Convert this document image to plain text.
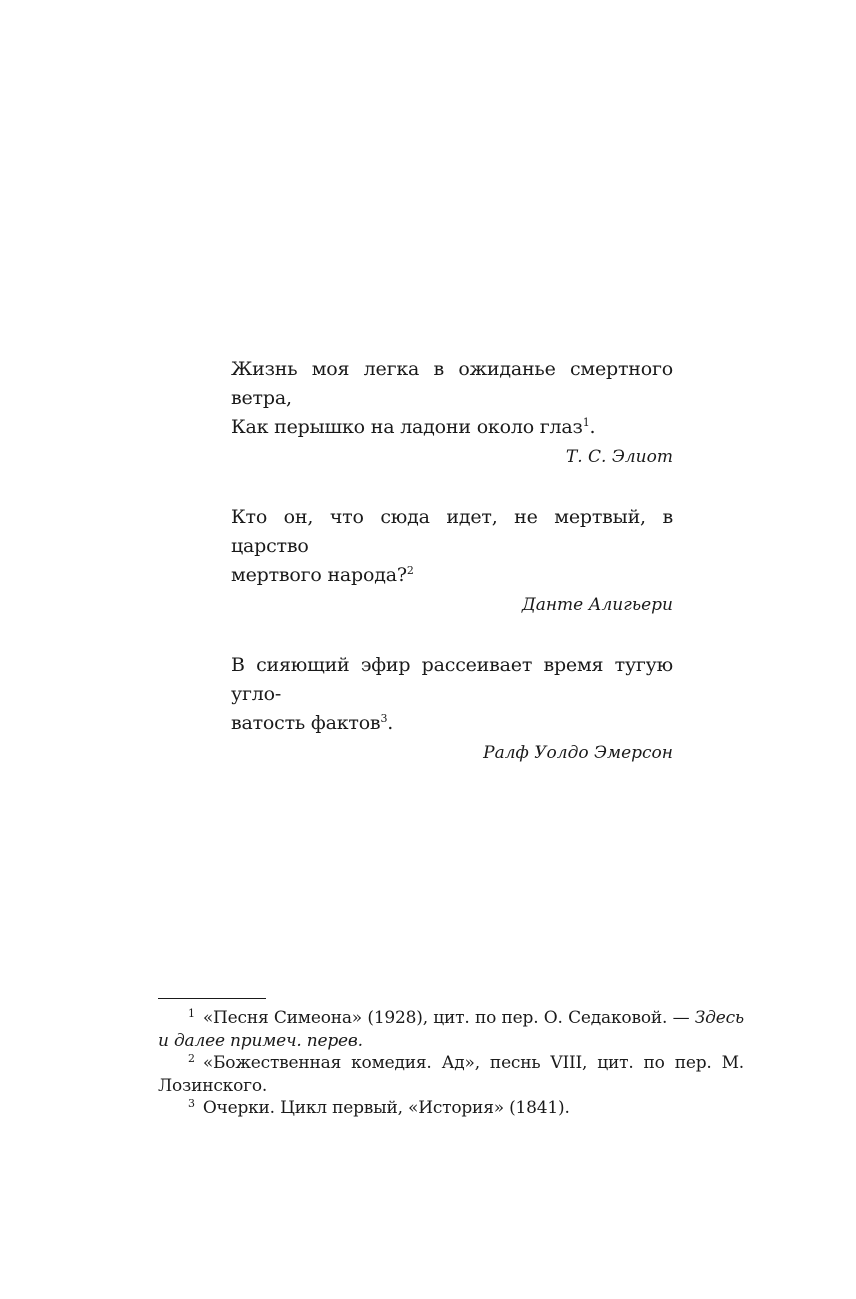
Жизнь моя легка в ожиданье смертного ветра,
Как перышко на ладони около глаз$^1$.
Т. С. Элиот
Кто он, что сюда идет, не мертвый, в царство
мертвого народа?$^2$
Данте Алигьери
В сияющий эфир рассеивает время тугую угло-
ватость фактов$^3$.
Ралф Уолдо Эмерсон

$^1$ «Песня Симеона» (1928), цит. по пер. О. Седаковой. — Здесь и далее примеч. перев.

$^2$ «Божественная комедия. Ад», песнь VIII, цит. по пер. М. Лозинского.

$^3$ Очерки. Цикл первый, «История» (1841).
